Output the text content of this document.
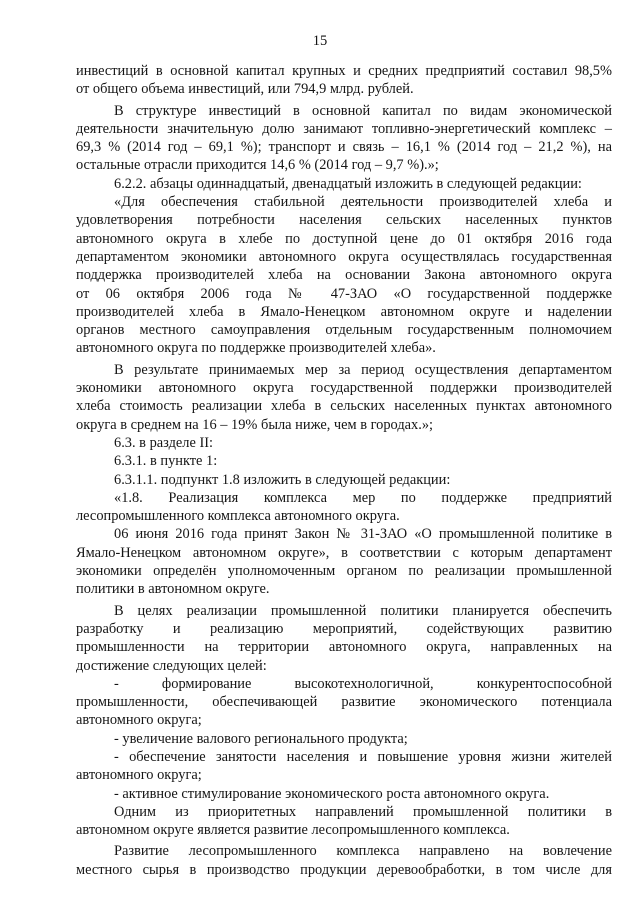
15
инвестиций в основной капитал крупных и средних предприятий составил 98,5%
от общего объема инвестиций, или 794,9 млрд. рублей.
В структуре инвестиций в основной капитал по видам экономической
деятельности значительную долю занимают топливно-энергетический комплекс –
69,3 % (2014 год – 69,1 %); транспорт и связь – 16,1 % (2014 год – 21,2 %), на
остальные отрасли приходится 14,6 % (2014 год – 9,7 %).»;
6.2.2. абзацы одиннадцатый, двенадцатый изложить в следующей редакции:
«Для обеспечения стабильной деятельности производителей хлеба и
удовлетворения потребности населения сельских населенных пунктов
автономного округа в хлебе по доступной цене до 01 октября 2016 года
департаментом экономики автономного округа осуществлялась государственная
поддержка производителей хлеба на основании Закона автономного округа
от 06 октября 2006 года № 47-ЗАО «О государственной поддержке
производителей хлеба в Ямало-Ненецком автономном округе и наделении
органов местного самоуправления отдельным государственным полномочием
автономного округа по поддержке производителей хлеба».
В результате принимаемых мер за период осуществления департаментом
экономики автономного округа государственной поддержки производителей
хлеба стоимость реализации хлеба в сельских населенных пунктах автономного
округа в среднем на 16 – 19% была ниже, чем в городах.»;
6.3. в разделе II:
6.3.1. в пункте 1:
6.3.1.1. подпункт 1.8 изложить в следующей редакции:
«1.8. Реализация комплекса мер по поддержке предприятий
лесопромышленного комплекса автономного округа.
06 июня 2016 года принят Закон № 31-ЗАО «О промышленной политике в
Ямало-Ненецком автономном округе», в соответствии с которым департамент
экономики определён уполномоченным органом по реализации промышленной
политики в автономном округе.
В целях реализации промышленной политики планируется обеспечить
разработку и реализацию мероприятий, содействующих развитию
промышленности на территории автономного округа, направленных на
достижение следующих целей:
- формирование высокотехнологичной, конкурентоспособной
промышленности, обеспечивающей развитие экономического потенциала
автономного округа;
- увеличение валового регионального продукта;
- обеспечение занятости населения и повышение уровня жизни жителей
автономного округа;
- активное стимулирование экономического роста автономного округа.
Одним из приоритетных направлений промышленной политики в
автономном округе является развитие лесопромышленного комплекса.
Развитие лесопромышленного комплекса направлено на вовлечение
местного сырья в производство продукции деревообработки, в том числе для
